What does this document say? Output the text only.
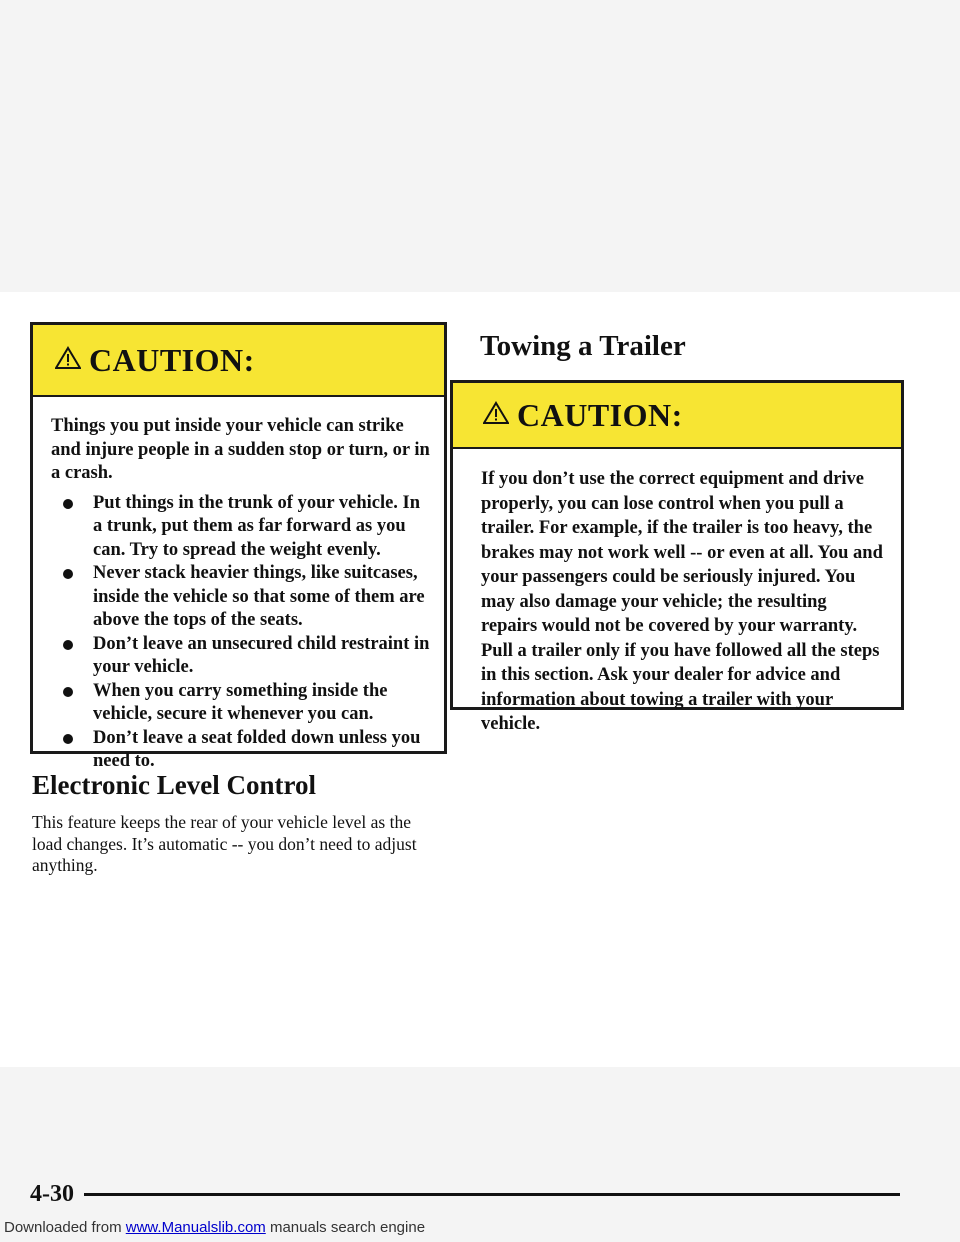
CAUTION:

Things you put inside your vehicle can strike and injure people in a sudden stop or turn, or in a crash.

Put things in the trunk of your vehicle. In a trunk, put them as far forward as you can. Try to spread the weight evenly.
Never stack heavier things, like suitcases, inside the vehicle so that some of them are above the tops of the seats.
Don’t leave an unsecured child restraint in your vehicle.
When you carry something inside the vehicle, secure it whenever you can.
Don’t leave a seat folded down unless you need to.
Electronic Level Control

This feature keeps the rear of your vehicle level as the load changes. It’s automatic -- you don’t need to adjust anything.

Towing a Trailer
CAUTION:

If you don’t use the correct equipment and drive properly, you can lose control when you pull a trailer. For example, if the trailer is too heavy, the brakes may not work well -- or even at all. You and your passengers could be seriously injured. You may also damage your vehicle; the resulting repairs would not be covered by your warranty. Pull a trailer only if you have followed all the steps in this section. Ask your dealer for advice and information about towing a trailer with your vehicle.

4-30
Downloaded from www.Manualslib.com manuals search engine
